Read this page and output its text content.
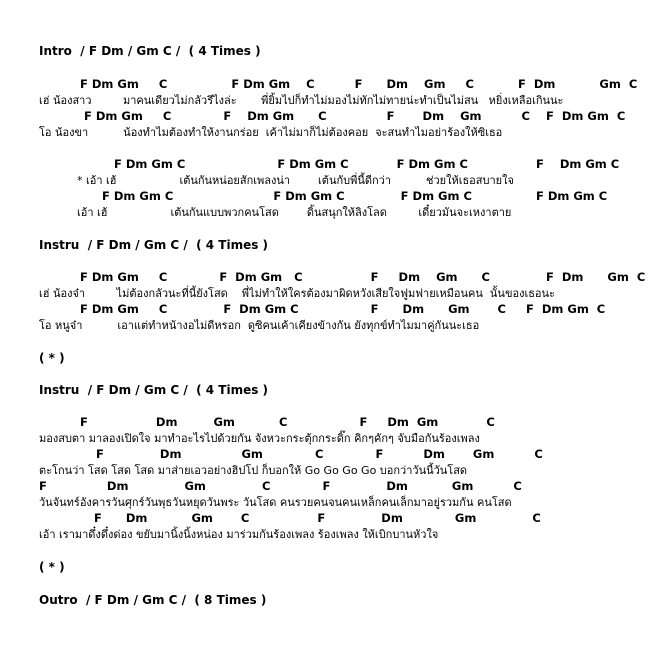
Intro  / F Dm / Gm C /  ( 4 Times )
F Dm Gm     C                F Dm Gm    C          F      Dm    Gm     C           F  Dm           Gm  C
เฮ่ น้องสาว         มาคนเดียวไม่กลัวรึไงล่ะ       พี่ยิ้มไปก็ทำไม่มองไม่ทักไม่ทายน่ะทำเป็นไม่สน   หยิ่งเหลือเกินนะ
F Dm Gm     C             F    Dm Gm      C               F       Dm    Gm          C    F  Dm Gm  C
โอ น้องขา          น้องทำไมต้องทำให้งานกร่อย  เค้าไม่มาก็ไม่ต้องคอย  จะสนทำไมอย่าร้องให้ซิเธอ
F Dm Gm C                       F Dm Gm C            F Dm Gm C                 F    Dm Gm C
* เอ้า เฮ้                  เต้นกันหน่อยสักเพลงน่า        เต้นกับพี่นี้ดีกว่า          ช่วยให้เธอสบายใจ
F Dm Gm C                         F Dm Gm C              F Dm Gm C                F Dm Gm C
เอ้า เฮ้                  เต้นกันแบบพวกคนโสด        ดิ้นสนุกให้ลิงโลด         เดี๋ยวมันจะเหงาตาย
Instru  / F Dm / Gm C /  ( 4 Times )
F Dm Gm     C             F  Dm Gm   C                 F     Dm    Gm      C              F  Dm      Gm  C
เฮ่ น้องจ๋า         ไม่ต้องกลัวนะที่นี้ยังโสด    พี่ไม่ทำให้ใครต้องมาผิดหวังเสียใจฟูมฟายเหมือนคน  นั้นของเธอนะ
F Dm Gm     C              F  Dm Gm C                  F      Dm      Gm       C     F  Dm Gm  C
โอ หนูจ๋า          เอาแต่ทำหน้างอไม่ดีหรอก  ดูซิคนเค้าเคียงข้างกัน ยังทุกข์ทำไมมาคู่กันนะเธอ
( * )
Instru  / F Dm / Gm C /  ( 4 Times )
F                 Dm         Gm           C                  F     Dm  Gm            C
มองสบตา มาลองเปิดใจ มาทำอะไรไปด้วยกัน จังหวะกระตุ้กกระดิ๊ก คิกๆคักๆ จับมือกันร้องเพลง
F              Dm               Gm             C             F          Dm       Gm          C
ตะโกนว่า โสด โสด โสด มาส่ายเอวอย่างฮิปโป ก็บอกให้ Go Go Go Go บอกว่าวันนี้วันโสด
F               Dm              Gm              C             F              Dm           Gm          C
วันจันทร์อังคารวันศุกร์วันพุธวันหยุดวันพระ วันโสด คนรวยคนจนคนเหล็กคนเล็กมาอยู่รวมกัน คนโสด
F      Dm           Gm       C                 F              Dm             Gm              C
เอ้า เรามาดึ๋งดึ๋งด่อง ขยับมานิ้งนิ้งหน่อง มาร่วมกันร้องเพลง ร้องเพลง ให้เบิกบานหัวใจ
( * )
Outro  / F Dm / Gm C /  ( 8 Times )
